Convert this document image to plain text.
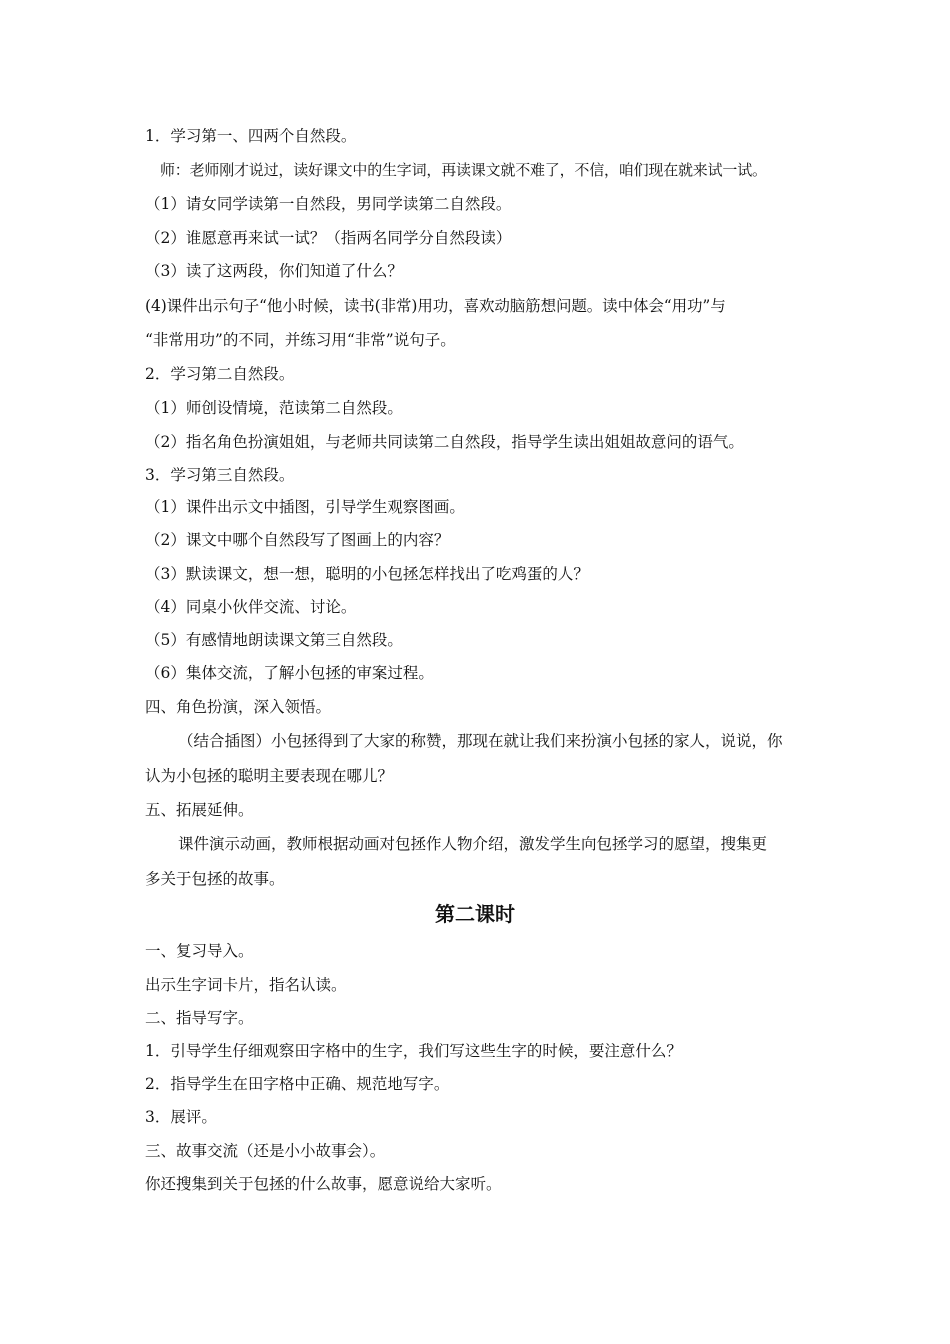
1．学习第一、四两个自然段。
师：老师刚才说过，读好课文中的生字词，再读课文就不难了，不信，咱们现在就来试一试。
（1）请女同学读第一自然段，男同学读第二自然段。
（2）谁愿意再来试一试？（指两名同学分自然段读）
（3）读了这两段，你们知道了什么？
(4)课件出示句子“他小时候，读书(非常)用功，喜欢动脑筋想问题。读中体会“用功”与
“非常用功”的不同，并练习用“非常”说句子。
2．学习第二自然段。
（1）师创设情境，范读第二自然段。
（2）指名角色扮演姐姐，与老师共同读第二自然段，指导学生读出姐姐故意问的语气。
3．学习第三自然段。
（1）课件出示文中插图，引导学生观察图画。
（2）课文中哪个自然段写了图画上的内容？
（3）默读课文，想一想，聪明的小包拯怎样找出了吃鸡蛋的人？
（4）同桌小伙伴交流、讨论。
（5）有感情地朗读课文第三自然段。
（6）集体交流，了解小包拯的审案过程。
四、角色扮演，深入领悟。
（结合插图）小包拯得到了大家的称赞，那现在就让我们来扮演小包拯的家人，说说，你
认为小包拯的聪明主要表现在哪儿？
五、拓展延伸。
课件演示动画，教师根据动画对包拯作人物介绍，激发学生向包拯学习的愿望，搜集更
多关于包拯的故事。
第二课时
一、复习导入。
出示生字词卡片，指名认读。
二、指导写字。
1．引导学生仔细观察田字格中的生字，我们写这些生字的时候，要注意什么？
2．指导学生在田字格中正确、规范地写字。
3．展评。
三、故事交流（还是小小故事会）。
你还搜集到关于包拯的什么故事，愿意说给大家听。
